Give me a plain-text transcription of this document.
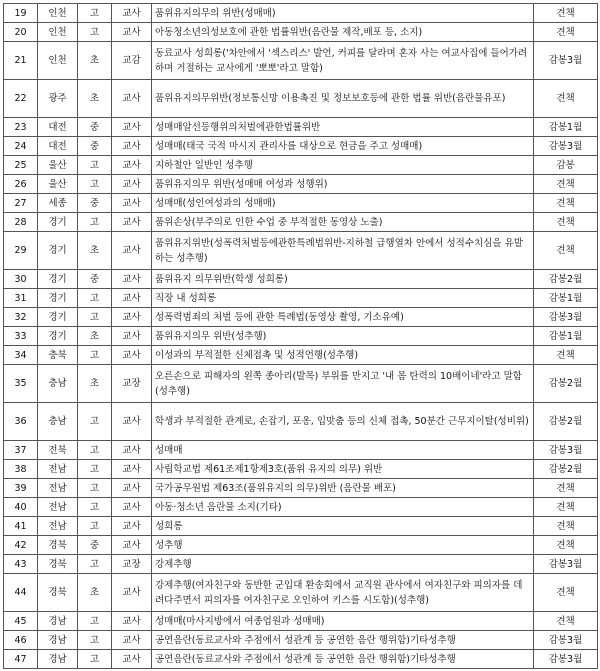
19	인천	고	교사	품위유지의무의 위반(성매매)	견책
20	인천	고	교사	아동청소년의성보호에 관한 법률위반(음란물 제작,배포 등, 소지)	견책
21	인천	초	교감	동료교사 성희롱('차안에서 '섹스리스' 발언, 커피를 달라며 혼자 사는 여교사집에 들어가려 하며 거절하는 교사에게 '뽀뽀'라고 말함)	감봉3월
22	광주	초	교사	품위유지의무위반(정보통신망 이용촉진 및 정보보호등에 관한 법률 위반(음란물유포)	견책
23	대전	중	교사	성매매알선등행위의처벌에관한법률위반	감봉1월
24	대전	중	교사	성매매(태국 국적 마시지 관리사를 대상으로 현금을 주고 성매매)	감봉3월
25	울산	고	교사	지하철안 일반인 성추행	감봉
26	울산	고	교사	품위유지의무 위반(성매매 여성과 성행위)	견책
27	세종	중	교사	성매매(성인여성과의 성매매)	견책
28	경기	고	교사	품위손상(부주의로 인한 수업 중 부적절한 동영상 노출)	견책
29	경기	초	교사	품위유지위반(성폭력처벌등에관한특례법위반-지하철 급행열차 안에서 성적수치심을 유발하는 성추행)	견책
30	경기	중	교사	품위유지 의무위반(학생 성희롱)	감봉2월
31	경기	고	교사	직장 내 성희롱	감봉1월
32	경기	고	교사	성폭력범죄의 처벌 등에 관한 특례법(동영상 촬영, 기소유예)	감봉3월
33	경기	초	교사	품위유지의무 위반(성추행)	감봉1월
34	충북	고	교사	이성과의 부적절한 신체접촉 및 성적언행(성추행)	견책
35	충남	초	교장	오른손으로 피해자의 왼쪽 종아리(발목) 부위를 만지고 '내 몸 탄력의 10배이네'라고 말함(성추행)	감봉2월
36	충남	고	교사	학생과 부적절한 관계로, 손잡기, 포옹, 입맞춤 등의 신체 접촉, 50분간 근무지이탈(성비위)	감봉2월
37	전북	고	교사	성매매	감봉3월
38	전남	고	교사	사립학교법 제61조제1항제3호(품위 유지의 의무) 위반	감봉2월
39	전남	고	교사	국가공무원법 제63조(품위유지의 의무)위반 (음란물 배포)	견책
40	전남	고	교사	아동·청소년 음란물 소지(기타)	견책
41	전남	고	교사	성희롱	견책
42	경북	중	교사	성추행	견책
43	경북	고	교장	강제추행	감봉3월
44	경북	초	교사	강제추행(여자친구와 동반한 군입대 환송회에서 교직원 관사에서 여자친구와 피의자를 데려다주면서 피의자를 여자친구로 오인하여 키스를 시도함)(성추행)	견책
45	경남	고	교사	성매매(마사지방에서 여종업원과 성매매)	견책
46	경남	고	교사	공연음란(동료교사와 주점에서 성관계 등 공연한 음란 행위함)기타성추행	감봉3월
47	경남	고	교사	공연음란(동료교사와 주점에서 성관계 등 공연한 음란 행위함)기타성추행	감봉3월
